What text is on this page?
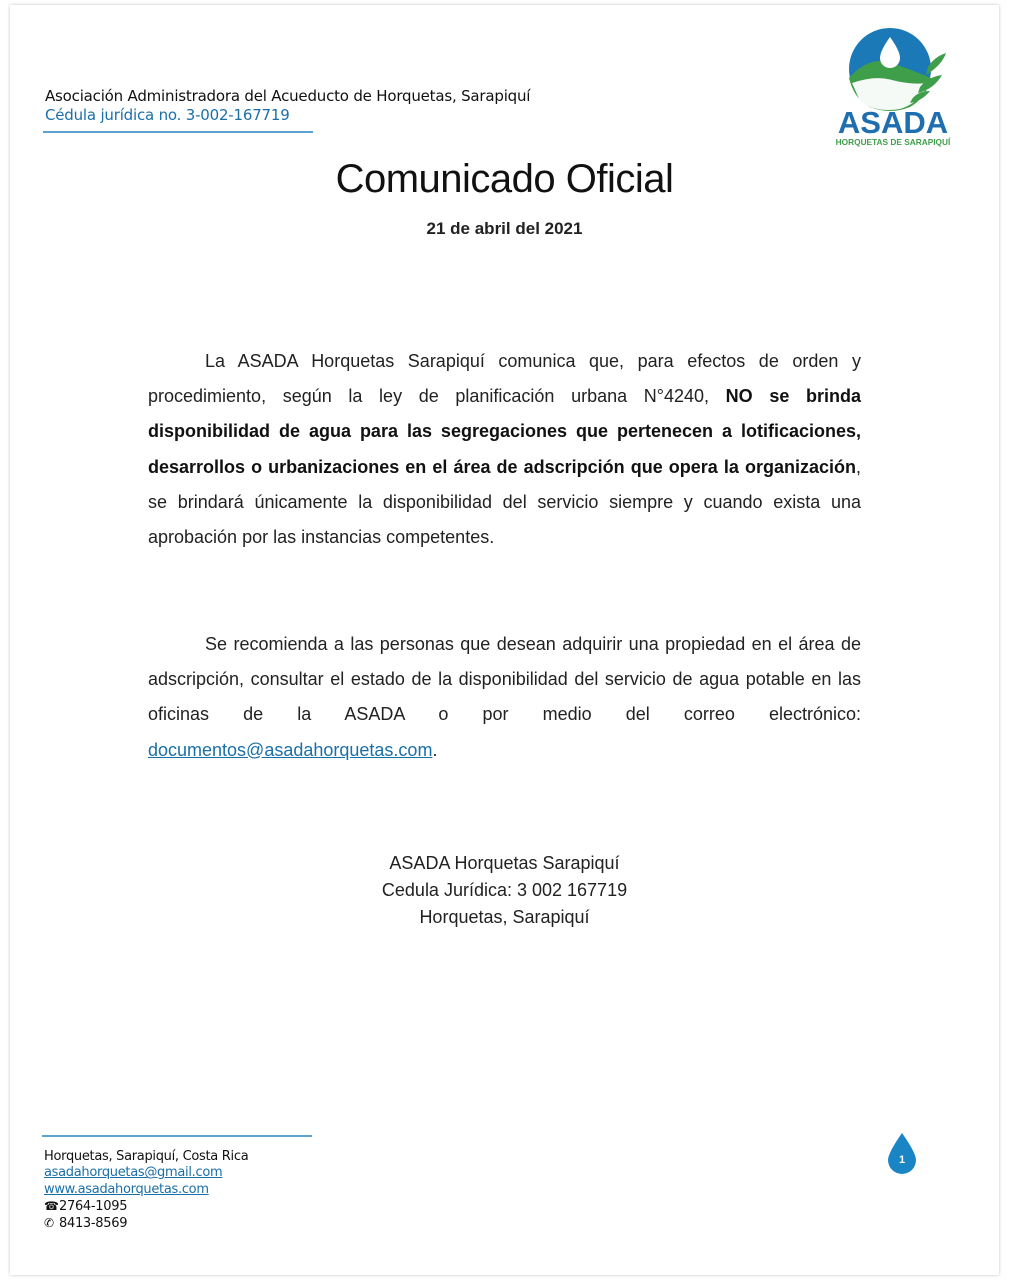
Asociación Administradora del Acueducto de Horquetas, Sarapiquí
Cédula jurídica no. 3-002-167719	ASADA
HORQUETAS DE SARAPIQUÍ
Comunicado Oficial
21 de abril del 2021
La ASADA Horquetas Sarapiquí comunica que, para efectos de orden y procedimiento, según la ley de planificación urbana N°4240, NO se brinda disponibilidad de agua para las segregaciones que pertenecen a lotificaciones, desarrollos o urbanizaciones en el área de adscripción que opera la organización, se brindará únicamente la disponibilidad del servicio siempre y cuando exista una aprobación por las instancias competentes.
Se recomienda a las personas que desean adquirir una propiedad en el área de adscripción, consultar el estado de la disponibilidad del servicio de agua potable en las oficinas de la ASADA o por medio del correo electrónico: documentos@asadahorquetas.com.
ASADA Horquetas Sarapiquí
Cedula Jurídica: 3 002 167719
Horquetas, Sarapiquí
Horquetas, Sarapiquí, Costa Rica
asadahorquetas@gmail.com
www.asadahorquetas.com
☎2764-1095
✆ 8413-8569
1
